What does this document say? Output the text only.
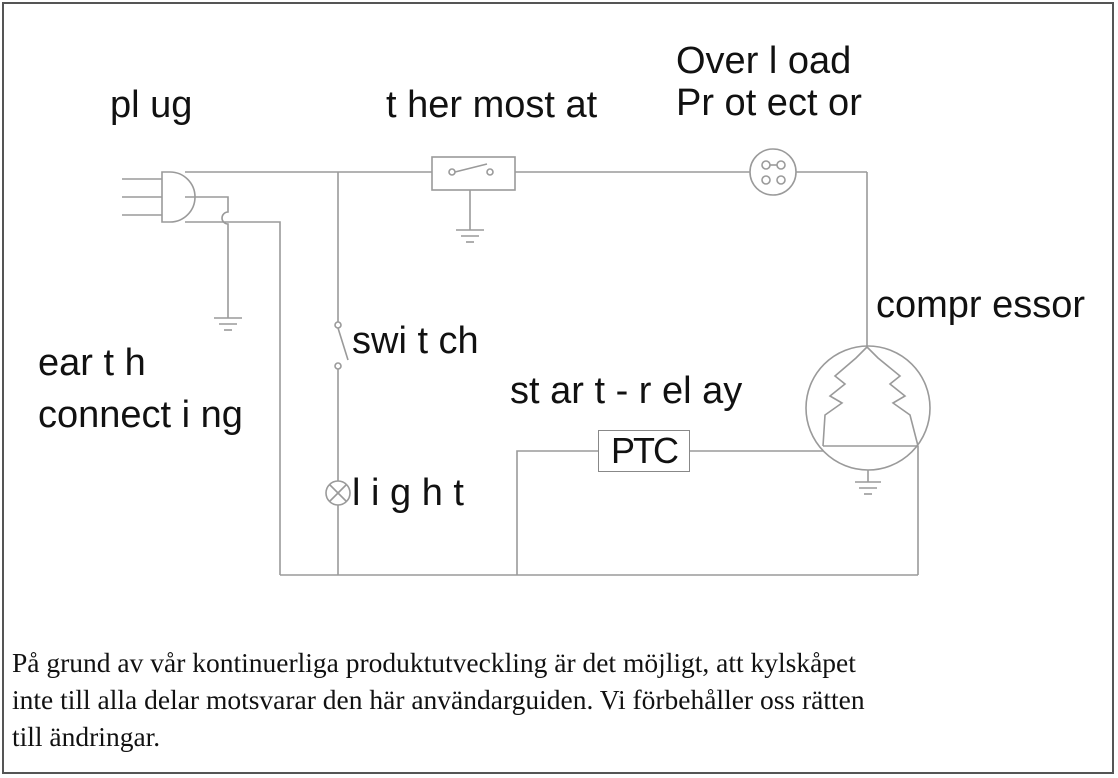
pl ug	t her most at
Over l oad
Pr ot ect or
compr essor
swi t ch
st ar t - r el ay
ear t h
connect i ng
l i g h t
PTC
På grund av vår kontinuerliga produktutveckling är det möjligt, att kylskåpet
inte till alla delar motsvarar den här användarguiden. Vi förbehåller oss rätten
till ändringar.
